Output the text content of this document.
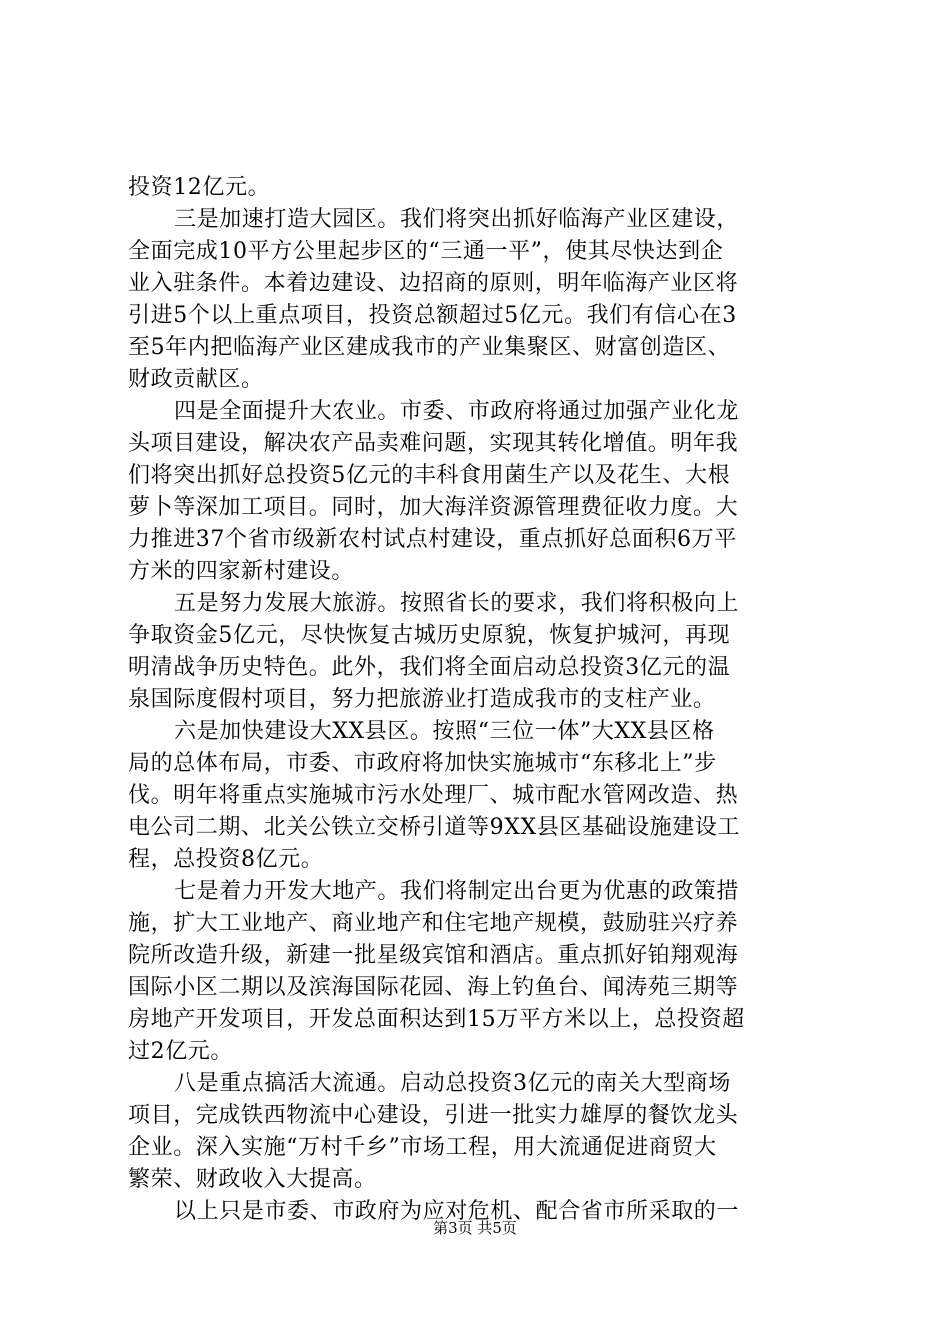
投资12亿元。
三是加速打造大园区。我们将突出抓好临海产业区建设，
全面完成10平方公里起步区的“三通一平”，使其尽快达到企
业入驻条件。本着边建设、边招商的原则，明年临海产业区将
引进5个以上重点项目，投资总额超过5亿元。我们有信心在3
至5年内把临海产业区建成我市的产业集聚区、财富创造区、
财政贡献区。
四是全面提升大农业。市委、市政府将通过加强产业化龙
头项目建设，解决农产品卖难问题，实现其转化增值。明年我
们将突出抓好总投资5亿元的丰科食用菌生产以及花生、大根
萝卜等深加工项目。同时，加大海洋资源管理费征收力度。大
力推进37个省市级新农村试点村建设，重点抓好总面积6万平
方米的四家新村建设。
五是努力发展大旅游。按照省长的要求，我们将积极向上
争取资金5亿元，尽快恢复古城历史原貌，恢复护城河，再现
明清战争历史特色。此外，我们将全面启动总投资3亿元的温
泉国际度假村项目，努力把旅游业打造成我市的支柱产业。
六是加快建设大XX县区。按照“三位一体”大XX县区格
局的总体布局，市委、市政府将加快实施城市“东移北上”步
伐。明年将重点实施城市污水处理厂、城市配水管网改造、热
电公司二期、北关公铁立交桥引道等9XX县区基础设施建设工
程，总投资8亿元。
七是着力开发大地产。我们将制定出台更为优惠的政策措
施，扩大工业地产、商业地产和住宅地产规模，鼓励驻兴疗养
院所改造升级，新建一批星级宾馆和酒店。重点抓好铂翔观海
国际小区二期以及滨海国际花园、海上钓鱼台、闻涛苑三期等
房地产开发项目，开发总面积达到15万平方米以上，总投资超
过2亿元。
八是重点搞活大流通。启动总投资3亿元的南关大型商场
项目，完成铁西物流中心建设，引进一批实力雄厚的餐饮龙头
企业。深入实施“万村千乡”市场工程，用大流通促进商贸大
繁荣、财政收入大提高。
以上只是市委、市政府为应对危机、配合省市所采取的一
第3页 共5页
